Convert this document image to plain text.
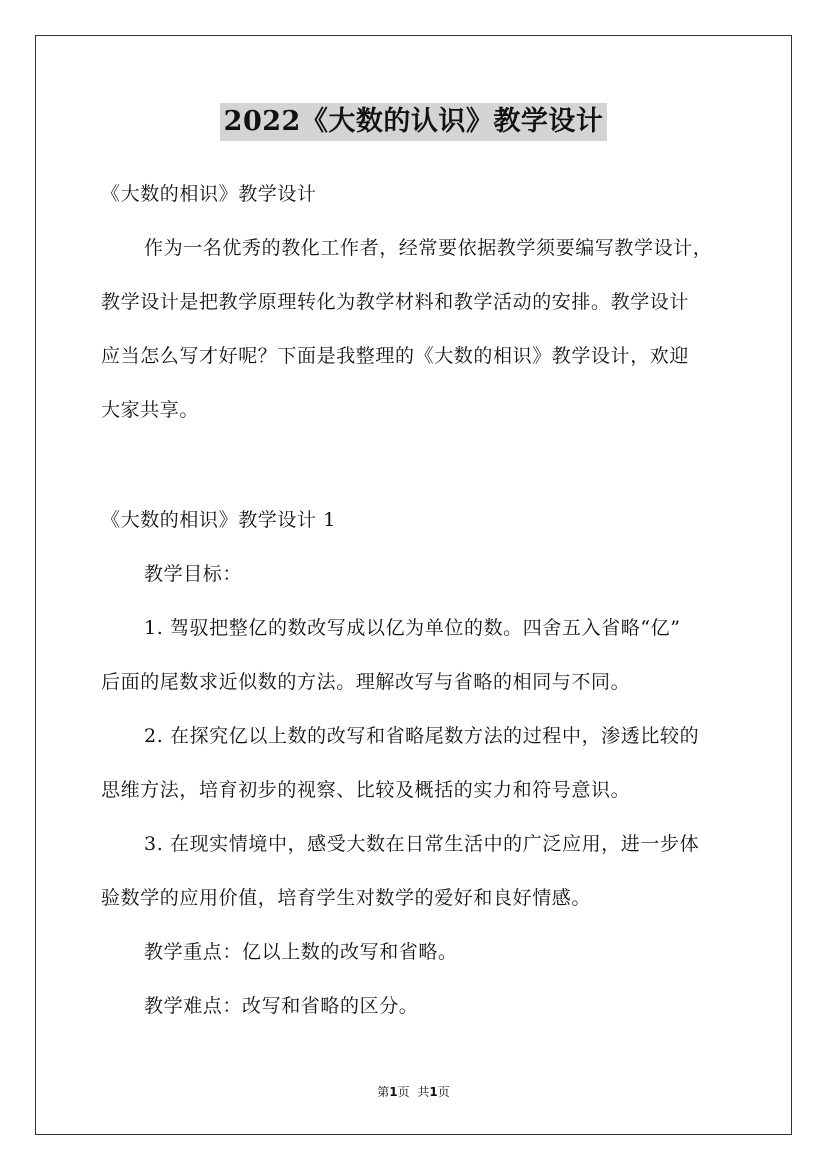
2022《大数的认识》教学设计
《大数的相识》教学设计
作为一名优秀的教化工作者，经常要依据教学须要编写教学设计，
教学设计是把教学原理转化为教学材料和教学活动的安排。教学设计
应当怎么写才好呢？下面是我整理的《大数的相识》教学设计，欢迎
大家共享。
《大数的相识》教学设计 1
教学目标：
1. 驾驭把整亿的数改写成以亿为单位的数。四舍五入省略“亿”
后面的尾数求近似数的方法。理解改写与省略的相同与不同。
2. 在探究亿以上数的改写和省略尾数方法的过程中，渗透比较的
思维方法，培育初步的视察、比较及概括的实力和符号意识。
3. 在现实情境中，感受大数在日常生活中的广泛应用，进一步体
验数学的应用价值，培育学生对数学的爱好和良好情感。
教学重点：亿以上数的改写和省略。
教学难点：改写和省略的区分。
第1页 共1页
